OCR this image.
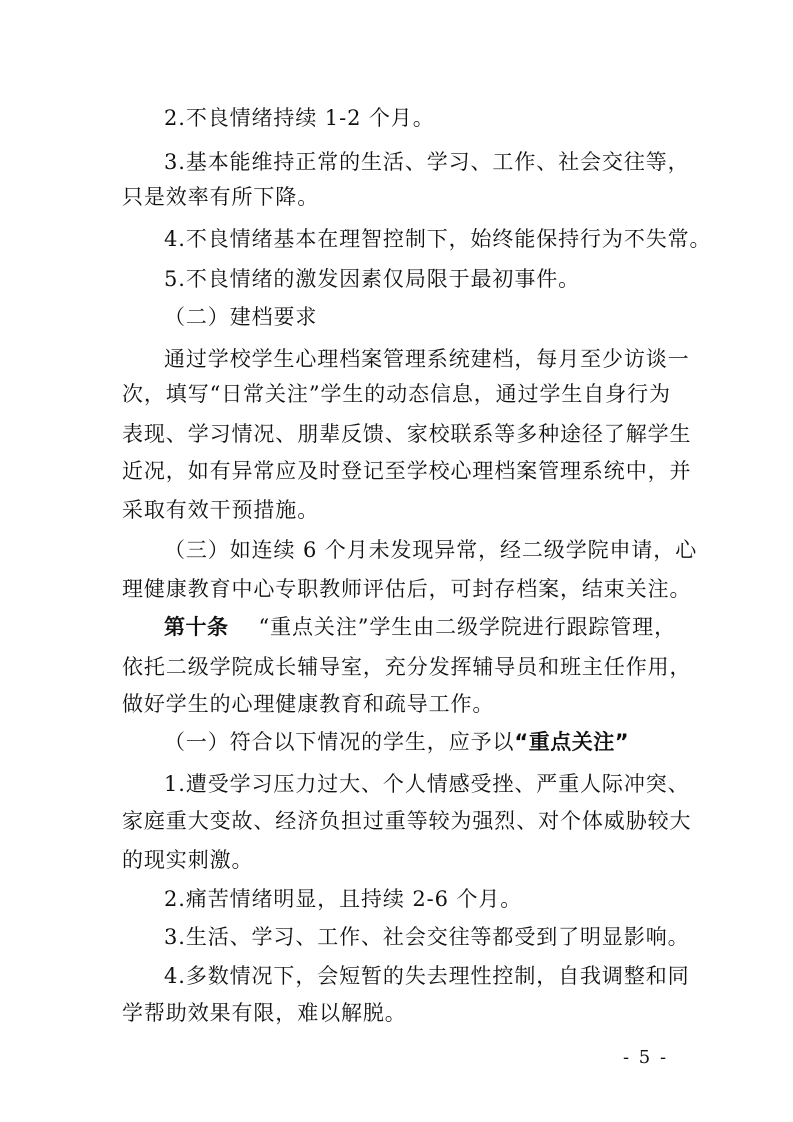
2.不良情绪持续 1-2 个月。
3.基本能维持正常的生活、学习、工作、社会交往等，
只是效率有所下降。
4.不良情绪基本在理智控制下，始终能保持行为不失常。
5.不良情绪的激发因素仅局限于最初事件。
（二）建档要求
通过学校学生心理档案管理系统建档，每月至少访谈一
次，填写“日常关注”学生的动态信息，通过学生自身行为
表现、学习情况、朋辈反馈、家校联系等多种途径了解学生
近况，如有异常应及时登记至学校心理档案管理系统中，并
采取有效干预措施。
（三）如连续 6 个月未发现异常，经二级学院申请，心
理健康教育中心专职教师评估后，可封存档案，结束关注。
第十条 “重点关注”学生由二级学院进行跟踪管理，
依托二级学院成长辅导室，充分发挥辅导员和班主任作用，
做好学生的心理健康教育和疏导工作。
（一）符合以下情况的学生，应予以“重点关注”
1.遭受学习压力过大、个人情感受挫、严重人际冲突、
家庭重大变故、经济负担过重等较为强烈、对个体威胁较大
的现实刺激。
2.痛苦情绪明显，且持续 2-6 个月。
3.生活、学习、工作、社会交往等都受到了明显影响。
4.多数情况下，会短暂的失去理性控制，自我调整和同
学帮助效果有限，难以解脱。
- 5 -
